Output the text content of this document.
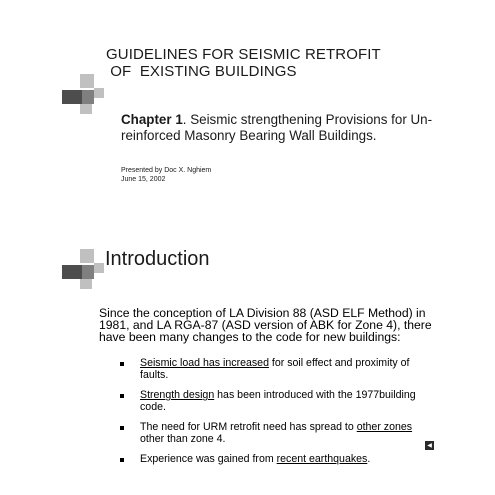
GUIDELINES FOR SEISMIC RETROFIT
OF  EXISTING BUILDINGS
Chapter 1. Seismic strengthening Provisions for Un-reinforced Masonry Bearing Wall Buildings.
Presented by Doc X. Nghiem
June 15, 2002
Introduction
Since the conception of LA Division 88 (ASD ELF Method) in 1981, and LA RGA-87 (ASD version of ABK for Zone 4), there have been many changes to the code for new buildings:
Seismic load has increased for soil effect and proximity of faults.
Strength design has been introduced with the 1977building code.
The need for URM retrofit need has spread to other zones other than zone 4.
Experience was gained from recent earthquakes.
◀
